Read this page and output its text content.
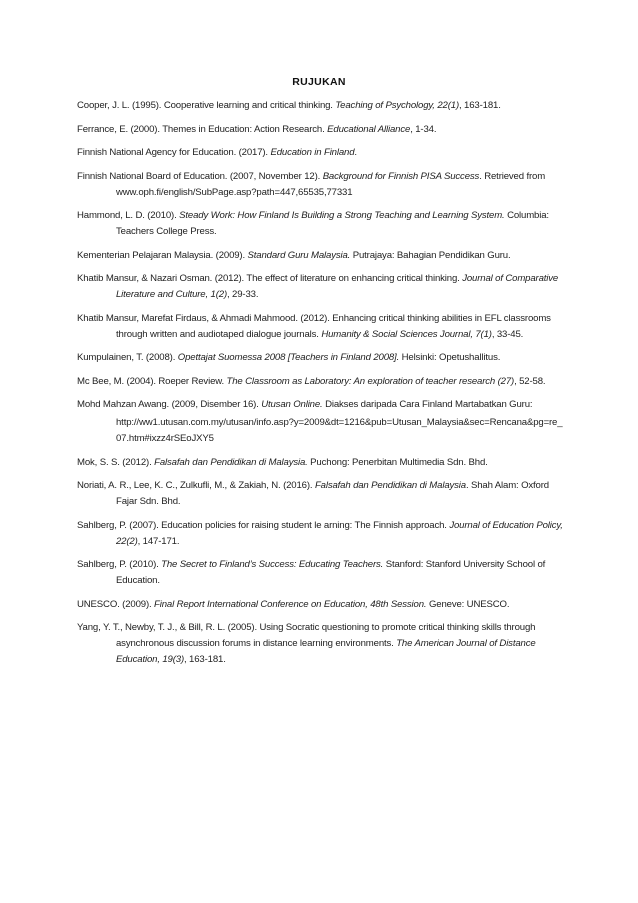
RUJUKAN

Cooper, J. L. (1995). Cooperative learning and critical thinking. Teaching of Psychology, 22(1), 163-181.

Ferrance, E. (2000). Themes in Education: Action Research. Educational Alliance, 1-34.

Finnish National Agency for Education. (2017). Education in Finland.

Finnish National Board of Education. (2007, November 12). Background for Finnish PISA Success. Retrieved from www.oph.fi/english/SubPage.asp?path=447,65535,77331

Hammond, L. D. (2010). Steady Work: How Finland Is Building a Strong Teaching and Learning System. Columbia: Teachers College Press.

Kementerian Pelajaran Malaysia. (2009). Standard Guru Malaysia. Putrajaya: Bahagian Pendidikan Guru.

Khatib Mansur, & Nazari Osman. (2012). The effect of literature on enhancing critical thinking. Journal of Comparative Literature and Culture, 1(2), 29-33.

Khatib Mansur, Marefat Firdaus, & Ahmadi Mahmood. (2012). Enhancing critical thinking abilities in EFL classrooms through written and audiotaped dialogue journals. Humanity & Social Sciences Journal, 7(1), 33-45.

Kumpulainen, T. (2008). Opettajat Suomessa 2008 [Teachers in Finland 2008]. Helsinki: Opetushallitus.

Mc Bee, M. (2004). Roeper Review. The Classroom as Laboratory: An exploration of teacher research (27), 52-58.

Mohd Mahzan Awang. (2009, Disember 16). Utusan Online. Diakses daripada Cara Finland Martabatkan Guru:
http://ww1.utusan.com.my/utusan/info.asp?y=2009&dt=1216&pub=Utusan_Malaysia&sec=Rencana&pg=re_07.htm#ixzz4rSEoJXY5

Mok, S. S. (2012). Falsafah dan Pendidikan di Malaysia. Puchong: Penerbitan Multimedia Sdn. Bhd.

Noriati, A. R., Lee, K. C., Zulkufli, M., & Zakiah, N. (2016). Falsafah dan Pendidikan di Malaysia. Shah Alam: Oxford Fajar Sdn. Bhd.

Sahlberg, P. (2007). Education policies for raising student le arning: The Finnish approach. Journal of Education Policy, 22(2), 147-171.

Sahlberg, P. (2010). The Secret to Finland’s Success: Educating Teachers. Stanford: Stanford University School of Education.

UNESCO. (2009). Final Report International Conference on Education, 48th Session. Geneve: UNESCO.

Yang, Y. T., Newby, T. J., & Bill, R. L. (2005). Using Socratic questioning to promote critical thinking skills through asynchronous discussion forums in distance learning environments. The American Journal of Distance Education, 19(3), 163-181.
